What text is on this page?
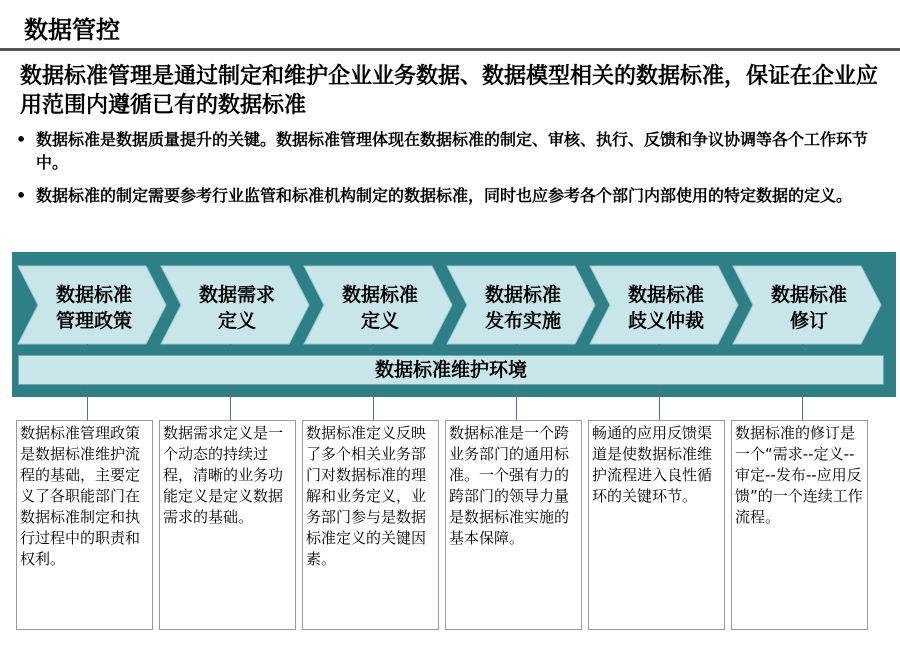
数据管控
数据标准管理是通过制定和维护企业业务数据、数据模型相关的数据标准，保证在企业应用范围内遵循已有的数据标准
• 数据标准是数据质量提升的关键。数据标准管理体现在数据标准的制定、审核、执行、反馈和争议协调等各个工作环节中。
• 数据标准的制定需要参考行业监管和标准机构制定的数据标准，同时也应参考各个部门内部使用的特定数据的定义。
数据标准
管理政策
数据需求
定义
数据标准
定义
数据标准
发布实施
数据标准
歧义仲裁
数据标准
修订
数据标准维护环境
数据标准管理政策是数据标准维护流程的基础，主要定义了各职能部门在数据标准制定和执行过程中的职责和权利。
数据需求定义是一个动态的持续过程，清晰的业务功能定义是定义数据需求的基础。
数据标准定义反映了多个相关业务部门对数据标准的理解和业务定义，业务部门参与是数据标准定义的关键因素。
数据标准是一个跨业务部门的通用标准。一个强有力的跨部门的领导力量是数据标准实施的基本保障。
畅通的应用反馈渠道是使数据标准维护流程进入良性循环的关键环节。
数据标准的修订是一个“需求--定义--审定--发布--应用反馈”的一个连续工作流程。
